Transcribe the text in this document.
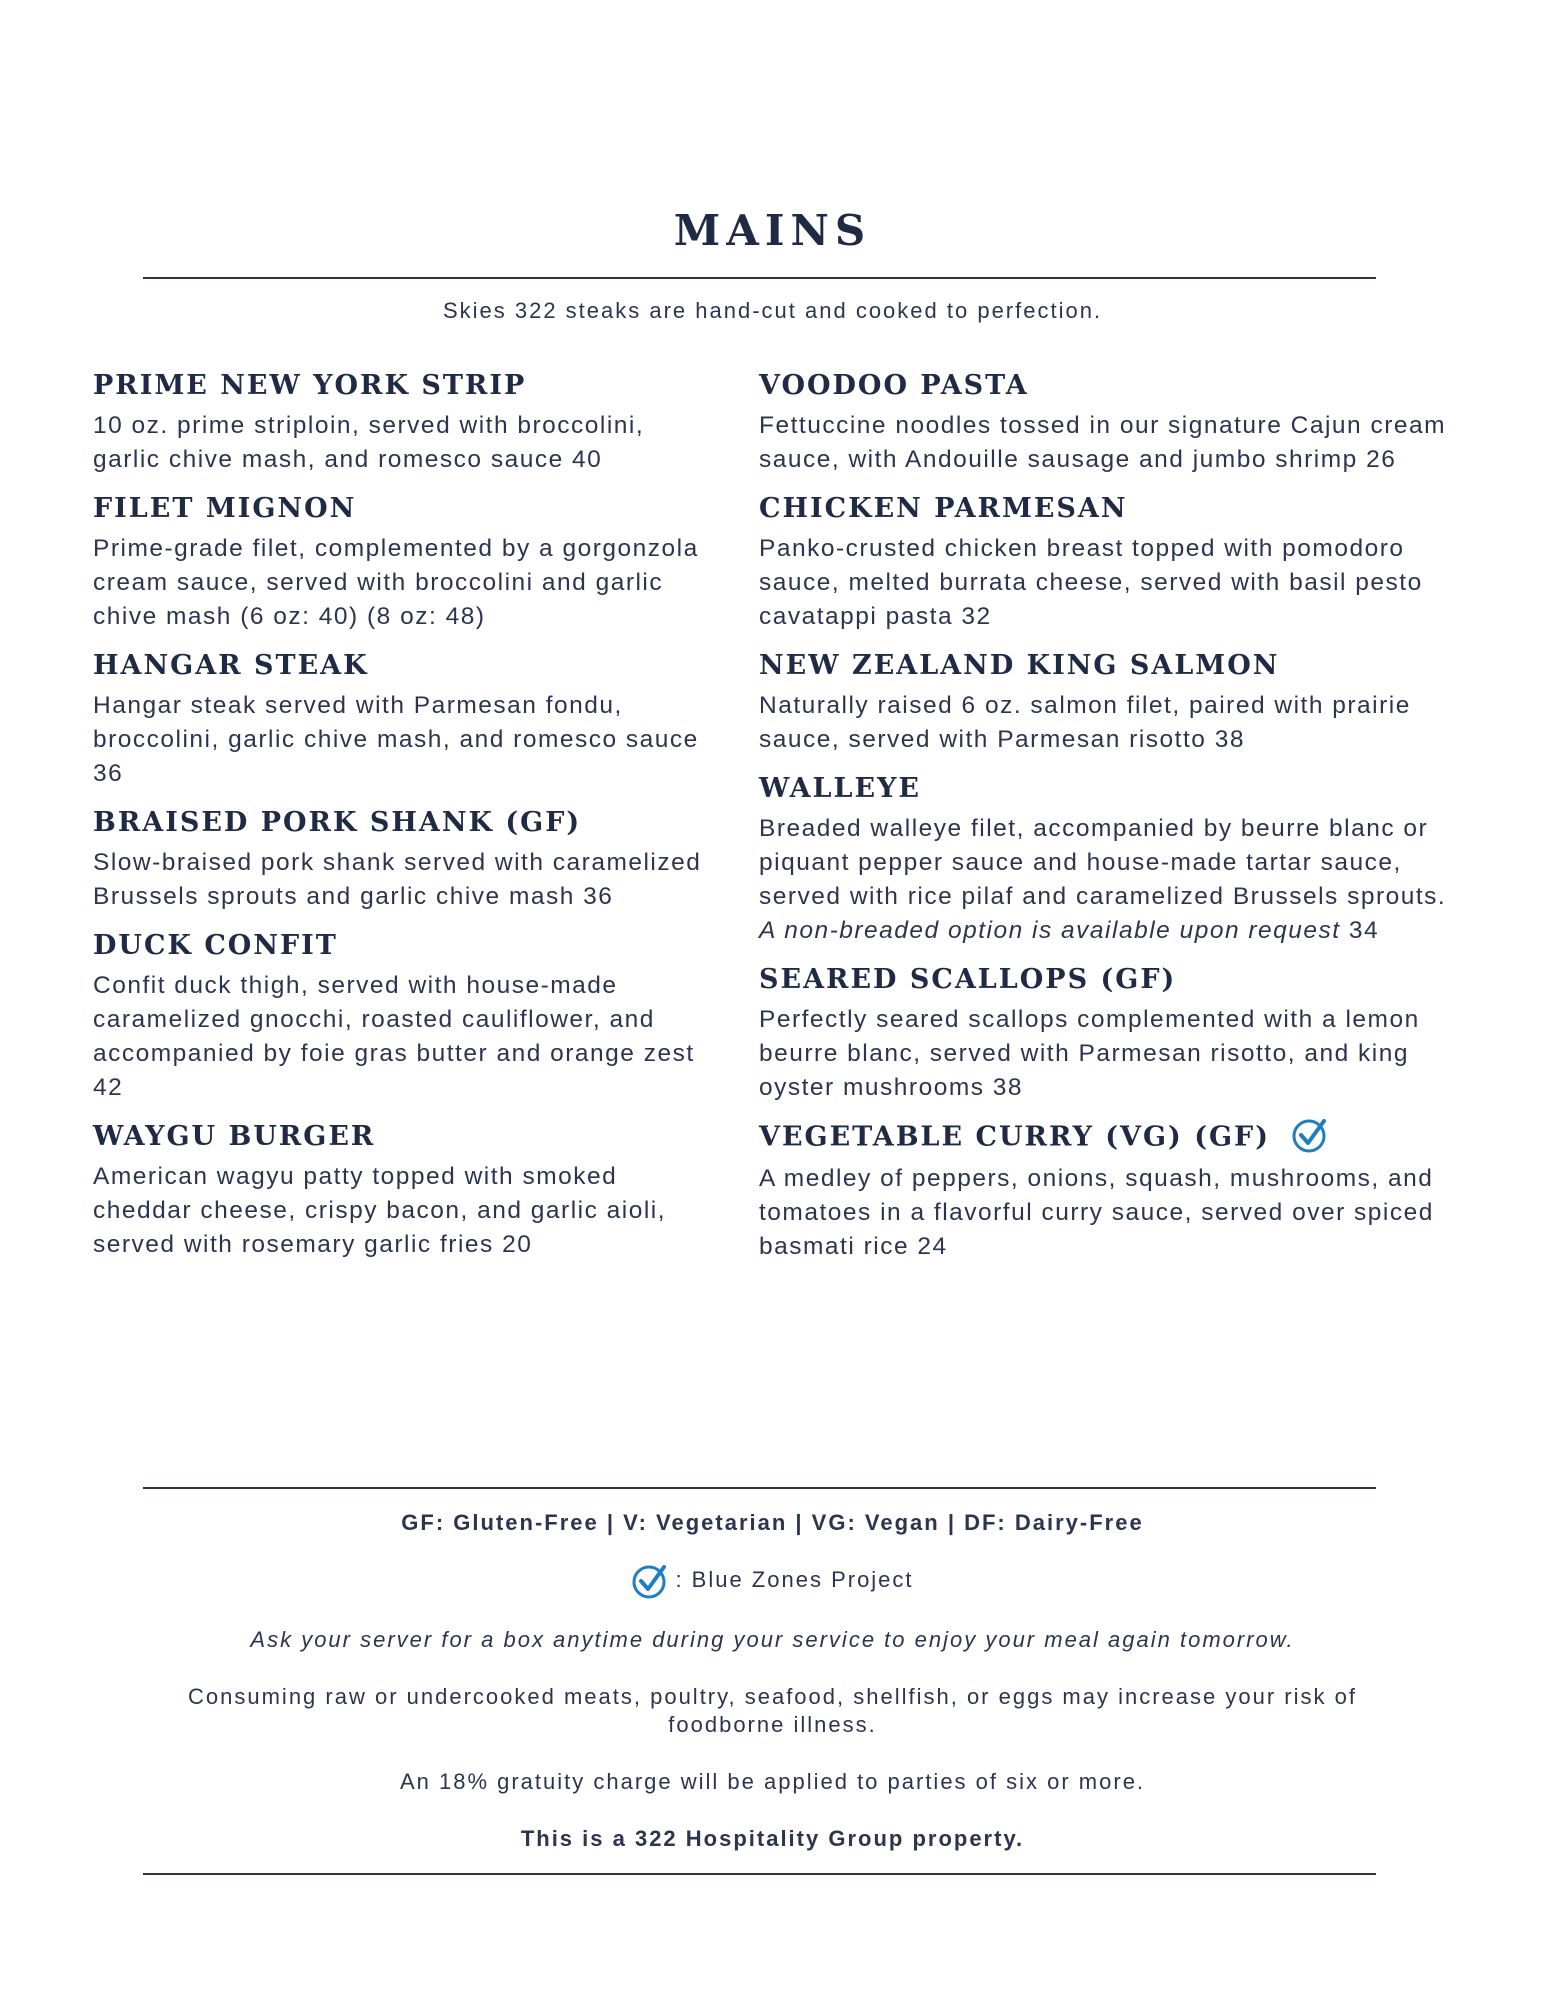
MAINS
Skies 322 steaks are hand-cut and cooked to perfection.
PRIME NEW YORK STRIP
10 oz. prime striploin, served with broccolini, garlic chive mash, and romesco sauce 40
FILET MIGNON
Prime-grade filet, complemented by a gorgonzola cream sauce, served with broccolini and garlic chive mash (6 oz: 40) (8 oz: 48)
HANGAR STEAK
Hangar steak served with Parmesan fondu, broccolini, garlic chive mash, and romesco sauce 36
BRAISED PORK SHANK (GF)
Slow-braised pork shank served with caramelized Brussels sprouts and garlic chive mash 36
DUCK CONFIT
Confit duck thigh, served with house-made caramelized gnocchi, roasted cauliflower, and accompanied by foie gras butter and orange zest 42
WAYGU BURGER
American wagyu patty topped with smoked cheddar cheese, crispy bacon, and garlic aioli, served with rosemary garlic fries 20
VOODOO PASTA
Fettuccine noodles tossed in our signature Cajun cream sauce, with Andouille sausage and jumbo shrimp 26
CHICKEN PARMESAN
Panko-crusted chicken breast topped with pomodoro sauce, melted burrata cheese, served with basil pesto cavatappi pasta 32
NEW ZEALAND KING SALMON
Naturally raised 6 oz. salmon filet, paired with prairie sauce, served with Parmesan risotto 38
WALLEYE
Breaded walleye filet, accompanied by beurre blanc or piquant pepper sauce and house-made tartar sauce, served with rice pilaf and caramelized Brussels sprouts. A non-breaded option is available upon request 34
SEARED SCALLOPS (GF)
Perfectly seared scallops complemented with a lemon beurre blanc, served with Parmesan risotto, and king oyster mushrooms 38
VEGETABLE CURRY (VG) (GF)
A medley of peppers, onions, squash, mushrooms, and tomatoes in a flavorful curry sauce, served over spiced basmati rice 24
GF: Gluten-Free | V: Vegetarian | VG: Vegan | DF: Dairy-Free
: Blue Zones Project
Ask your server for a box anytime during your service to enjoy your meal again tomorrow.
Consuming raw or undercooked meats, poultry, seafood, shellfish, or eggs may increase your risk of foodborne illness.
An 18% gratuity charge will be applied to parties of six or more.
This is a 322 Hospitality Group property.
